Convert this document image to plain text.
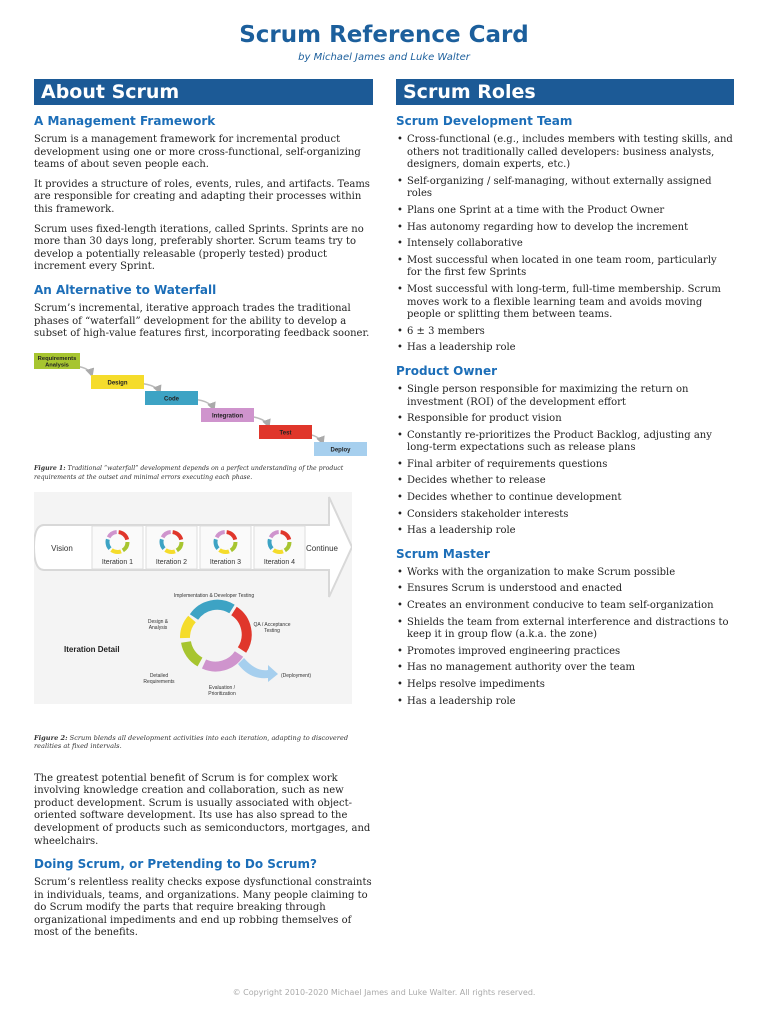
Scrum Reference Card
by Michael James and Luke Walter
About Scrum
A Management Framework
Scrum is a management framework for incremental product development using one or more cross-functional, self-organizing teams of about seven people each.
It provides a structure of roles, events, rules, and artifacts. Teams are responsible for creating and adapting their processes within this framework.
Scrum uses fixed-length iterations, called Sprints. Sprints are no more than 30 days long, preferably shorter. Scrum teams try to develop a potentially releasable (properly tested) product increment every Sprint.
An Alternative to Waterfall
Scrum’s incremental, iterative approach trades the traditional phases of “waterfall” development for the ability to develop a subset of high-value features first, incorporating feedback sooner.
Requirements
Analysis
Design
Code
Integration
Test
Deploy
Figure 1: Traditional “waterfall” development depends on a perfect understanding of the product
requirements at the outset and minimal errors executing each phase.
Vision
Iteration 1	Iteration 2	Iteration 3	Iteration 4
Continue
Iteration Detail
Implementation & Developer Testing
Design &
Analysis	QA / Acceptance
Testing
Detailed
Requirements
(Deployment)
Evaluation /
Prioritization
Figure 2: Scrum blends all development activities into each iteration, adapting to discovered realities at fixed intervals.
The greatest potential benefit of Scrum is for complex work involving knowledge creation and collaboration, such as new product development. Scrum is usually associated with object-oriented software development. Its use has also spread to the development of products such as semiconductors, mortgages, and wheelchairs.
Doing Scrum, or Pretending to Do Scrum?
Scrum’s relentless reality checks expose dysfunctional constraints in individuals, teams, and organizations. Many people claiming to do Scrum modify the parts that require breaking through organizational impediments and end up robbing themselves of most of the benefits.
Scrum Roles
Scrum Development Team
• Cross-functional (e.g., includes members with testing skills, and others not traditionally called developers: business analysts, designers, domain experts, etc.)
• Self-organizing / self-managing, without externally assigned roles
• Plans one Sprint at a time with the Product Owner
• Has autonomy regarding how to develop the increment
• Intensely collaborative
• Most successful when located in one team room, particularly for the first few Sprints
• Most successful with long-term, full-time membership. Scrum moves work to a flexible learning team and avoids moving people or splitting them between teams.
• 6 ± 3 members
• Has a leadership role
Product Owner
• Single person responsible for maximizing the return on investment (ROI) of the development effort
• Responsible for product vision
• Constantly re-prioritizes the Product Backlog, adjusting any long-term expectations such as release plans
• Final arbiter of requirements questions
• Decides whether to release
• Decides whether to continue development
• Considers stakeholder interests
• Has a leadership role
Scrum Master
• Works with the organization to make Scrum possible
• Ensures Scrum is understood and enacted
• Creates an environment conducive to team self-organization
• Shields the team from external interference and distractions to keep it in group flow (a.k.a. the zone)
• Promotes improved engineering practices
• Has no management authority over the team
• Helps resolve impediments
• Has a leadership role
© Copyright 2010-2020 Michael James and Luke Walter. All rights reserved.
